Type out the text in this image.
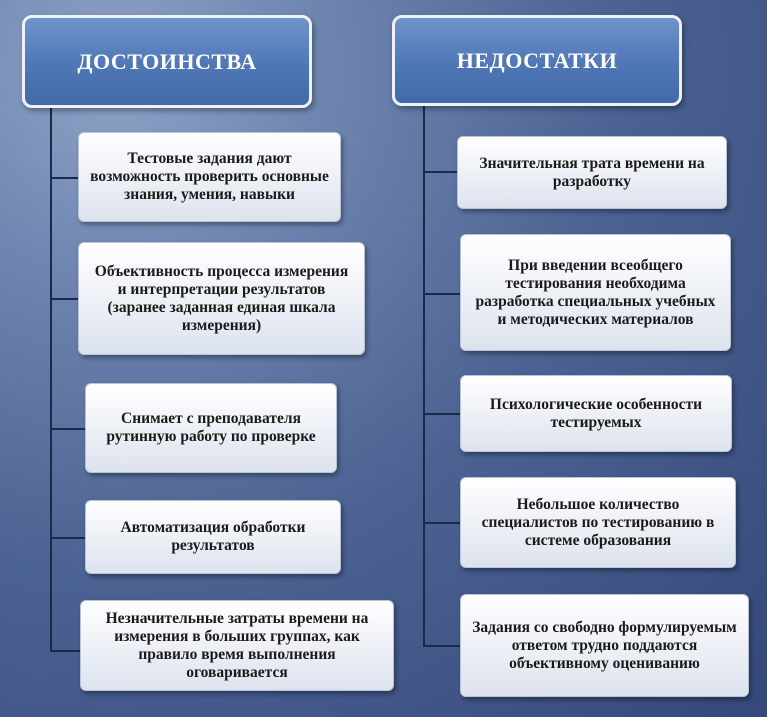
ДОСТОИНСТВА	НЕДОСТАТКИ
Тестовые задания дают возможность проверить основные знания, умения, навыки
Объективность процесса измерения и интерпретации результатов (заранее заданная единая шкала измерения)
Снимает с преподавателя рутинную работу по проверке
Автоматизация обработки результатов
Незначительные затраты времени на измерения в больших группах, как правило время выполнения оговаривается
Значительная трата времени на разработку
При введении всеобщего тестирования необходима разработка специальных учебных и методических материалов
Психологические особенности тестируемых
Небольшое количество специалистов по тестированию в системе образования
Задания со свободно формулируемым ответом трудно поддаются объективному оцениванию
